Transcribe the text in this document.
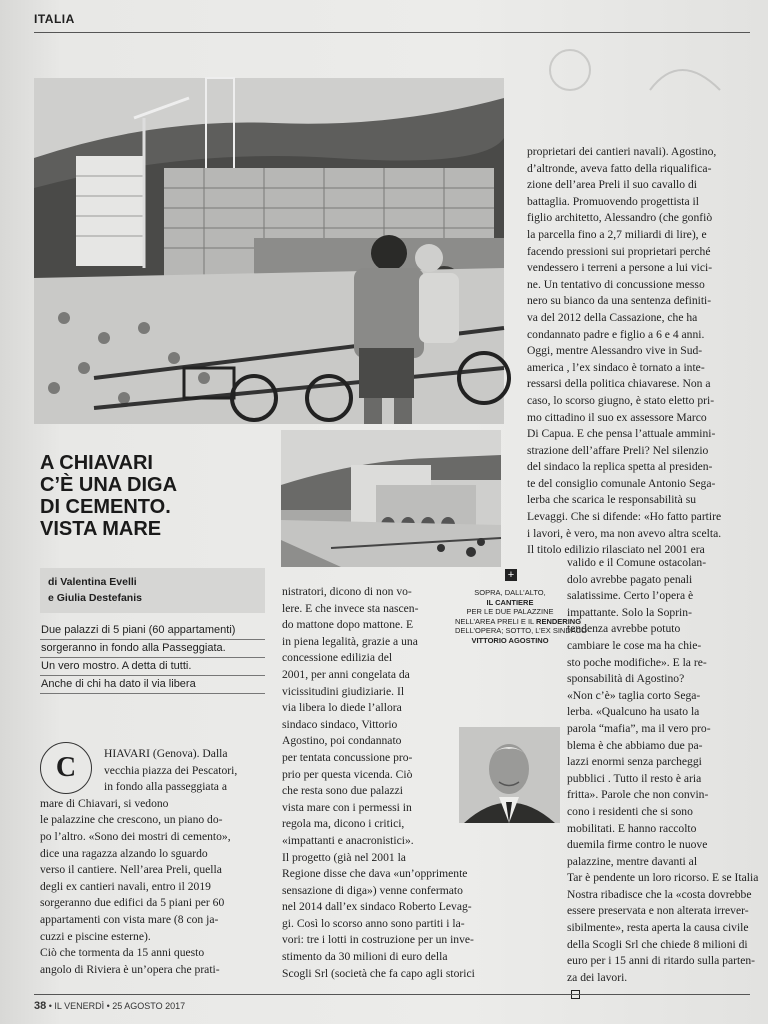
ITALIA
A CHIAVARI
C’È UNA DIGA
DI CEMENTO.
VISTA MARE
+
di Valentina Evelli
e Giulia Destefanis
Due palazzi di 5 piani (60 appartamenti)
sorgeranno in fondo alla Passeggiata.
Un vero mostro. A detta di tutti.
Anche di chi ha dato il via libera
SOPRA, DALL’ALTO,
IL CANTIERE
PER LE DUE PALAZZINE
NELL’AREA PRELI E IL RENDERING
DELL’OPERA; SOTTO, L’EX SINDACO
VITTORIO AGOSTINO
C	HIAVARI (Genova). Dalla
vecchia piazza dei Pescatori,
in fondo alla passeggiata a
mare di Chiavari, si vedono
le palazzine che crescono, un piano do-
po l’altro. «Sono dei mostri di cemento»,
dice una ragazza alzando lo sguardo
verso il cantiere. Nell’area Preli, quella
degli ex cantieri navali, entro il 2019
sorgeranno due edifici da 5 piani per 60
appartamenti con vista mare (8 con ja-
cuzzi e piscine esterne).
Ciò che tormenta da 15 anni questo
angolo di Riviera è un’opera che prati-
nistratori, dicono di non vo-
lere. E che invece sta nascen-
do mattone dopo mattone. E
in piena legalità, grazie a una
concessione edilizia del
2001, per anni congelata da
vicissitudini giudiziarie. Il
via libera lo diede l’allora
sindaco sindaco, Vittorio
Agostino, poi condannato
per tentata concussione pro-
prio per questa vicenda. Ciò
che resta sono due palazzi
vista mare con i permessi in
regola ma, dicono i critici,
«impattanti e anacronistici».
Il progetto (già nel 2001 la
Regione disse che dava «un’opprimente
sensazione di diga») venne confermato
nel 2014 dall’ex sindaco Roberto Levag-
gi. Così lo scorso anno sono partiti i la-
vori: tre i lotti in costruzione per un inve-
stimento da 30 milioni di euro della
Scogli Srl (società che fa capo agli storici
proprietari dei cantieri navali). Agostino,
d’altronde, aveva fatto della riqualifica-
zione dell’area Preli il suo cavallo di
battaglia. Promuovendo progettista il
figlio architetto, Alessandro (che gonfiò
la parcella fino a 2,7 miliardi di lire), e
facendo pressioni sui proprietari perché
vendessero i terreni a persone a lui vici-
ne. Un tentativo di concussione messo
nero su bianco da una sentenza definiti-
va del 2012 della Cassazione, che ha
condannato padre e figlio a 6 e 4 anni.
Oggi, mentre Alessandro vive in Sud-
america , l’ex sindaco è tornato a inte-
ressarsi della politica chiavarese. Non a
caso, lo scorso giugno, è stato eletto pri-
mo cittadino il suo ex assessore Marco
Di Capua. E che pensa l’attuale ammini-
strazione dell’affare Preli? Nel silenzio
del sindaco la replica spetta al presiden-
te del consiglio comunale Antonio Sega-
lerba che scarica le responsabilità su
Levaggi. Che si difende: «Ho fatto partire
i lavori, è vero, ma non avevo altra scelta.
Il titolo edilizio rilasciato nel 2001 era
valido e il Comune ostacolan-
dolo avrebbe pagato penali
salatissime. Certo l’opera è
impattante. Solo la Soprin-
tendenza avrebbe potuto
cambiare le cose ma ha chie-
sto poche modifiche». E la re-
sponsabilità di Agostino?
«Non c’è» taglia corto Sega-
lerba. «Qualcuno ha usato la
parola “mafia”, ma il vero pro-
blema è che abbiamo due pa-
lazzi enormi senza parcheggi
pubblici . Tutto il resto è aria
fritta». Parole che non convin-
cono i residenti che si sono
mobilitati. E hanno raccolto
duemila firme contro le nuove
palazzine, mentre davanti al
Tar è pendente un loro ricorso. E se Italia
Nostra ribadisce che la «costa dovrebbe
essere preservata e non alterata irrever-
sibilmente», resta aperta la causa civile
della Scogli Srl che chiede 8 milioni di
euro per i 15 anni di ritardo sulla parten-
za dei lavori.
38 • IL VENERDÌ • 25 AGOSTO 2017
